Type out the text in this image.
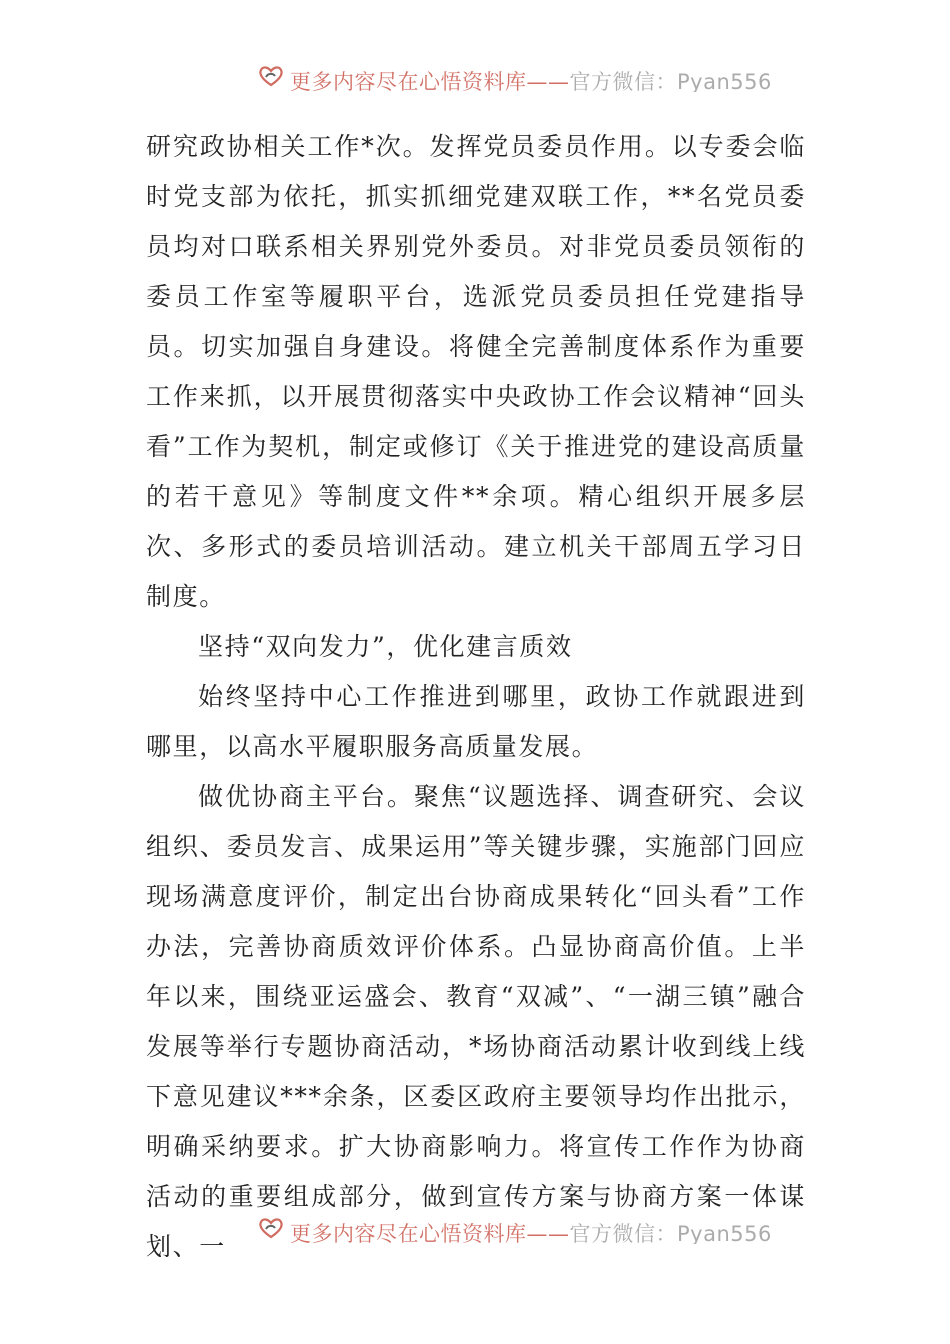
更多内容尽在心悟资料库——官方微信：Pyan556

研究政协相关工作*次。发挥党员委员作用。以专委会临时党支部为依托，抓实抓细党建双联工作，**名党员委员均对口联系相关界别党外委员。对非党员委员领衔的委员工作室等履职平台，选派党员委员担任党建指导员。切实加强自身建设。将健全完善制度体系作为重要工作来抓，以开展贯彻落实中央政协工作会议精神“回头看”工作为契机，制定或修订《关于推进党的建设高质量的若干意见》等制度文件**余项。精心组织开展多层次、多形式的委员培训活动。建立机关干部周五学习日制度。

坚持“双向发力”，优化建言质效

始终坚持中心工作推进到哪里，政协工作就跟进到哪里，以高水平履职服务高质量发展。

做优协商主平台。聚焦“议题选择、调查研究、会议组织、委员发言、成果运用”等关键步骤，实施部门回应现场满意度评价，制定出台协商成果转化“回头看”工作办法，完善协商质效评价体系。凸显协商高价值。上半年以来，围绕亚运盛会、教育“双减”、“一湖三镇”融合发展等举行专题协商活动，*场协商活动累计收到线上线下意见建议***余条，区委区政府主要领导均作出批示，明确采纳要求。扩大协商影响力。将宣传工作作为协商活动的重要组成部分，做到宣传方案与协商方案一体谋划、一	更多内容尽在心悟资料库——官方微信：Pyan556
